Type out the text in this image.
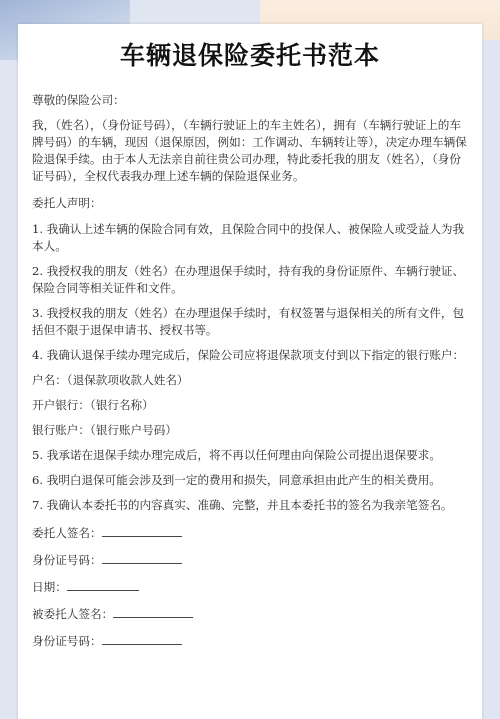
车辆退保险委托书范本

尊敬的保险公司：

我，（姓名），（身份证号码），（车辆行驶证上的车主姓名），拥有（车辆行驶证上的车牌号码）的车辆，现因（退保原因，例如：工作调动、车辆转让等），决定办理车辆保险退保手续。由于本人无法亲自前往贵公司办理，特此委托我的朋友（姓名），（身份证号码），全权代表我办理上述车辆的保险退保业务。

委托人声明：

1. 我确认上述车辆的保险合同有效，且保险合同中的投保人、被保险人或受益人为我本人。

2. 我授权我的朋友（姓名）在办理退保手续时，持有我的身份证原件、车辆行驶证、保险合同等相关证件和文件。

3. 我授权我的朋友（姓名）在办理退保手续时，有权签署与退保相关的所有文件，包括但不限于退保申请书、授权书等。

4. 我确认退保手续办理完成后，保险公司应将退保款项支付到以下指定的银行账户：

户名：（退保款项收款人姓名）

开户银行：（银行名称）

银行账户：（银行账户号码）

5. 我承诺在退保手续办理完成后，将不再以任何理由向保险公司提出退保要求。

6. 我明白退保可能会涉及到一定的费用和损失，同意承担由此产生的相关费用。

7. 我确认本委托书的内容真实、准确、完整，并且本委托书的签名为我亲笔签名。

委托人签名：

身份证号码：

日期：

被委托人签名：

身份证号码：
